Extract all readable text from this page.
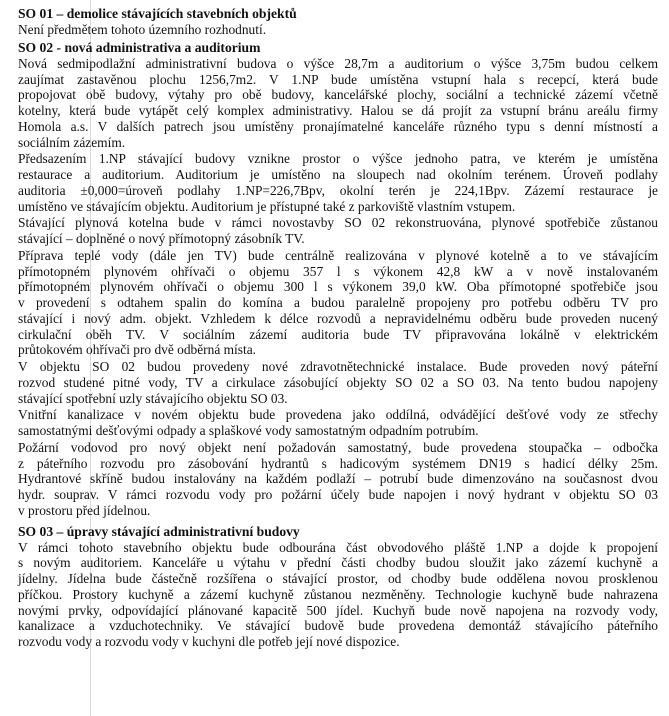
SO 01 – demolice stávajících stavebních objektů
Není předmětem tohoto územního rozhodnutí.
SO 02 - nová administrativa a auditorium
Nová sedmipodlažní administrativní budova o výšce 28,7m a auditorium o výšce 3,75m budou celkem
zaujímat zastavěnou plochu 1256,7m2. V 1.NP bude umístěna vstupní hala s recepcí, která bude
propojovat obě budovy, výtahy pro obě budovy, kancelářské plochy, sociální a technické zázemí včetně
kotelny, která bude vytápět celý komplex administrativy. Halou se dá projít za vstupní bránu areálu firmy
Homola a.s. V dalších patrech jsou umístěny pronajímatelné kanceláře různého typu s denní místností a
sociálním zázemím.
Předsazením 1.NP stávající budovy vznikne prostor o výšce jednoho patra, ve kterém je umístěna
restaurace a auditorium. Auditorium je umístěno na sloupech nad okolním terénem. Úroveň podlahy
auditoria ±0,000=úroveň podlahy 1.NP=226,7Bpv, okolní terén je 224,1Bpv. Zázemí restaurace je
umístěno ve stávajícím objektu. Auditorium je přístupné také z parkoviště vlastním vstupem.
Stávající plynová kotelna bude v rámci novostavby SO 02 rekonstruována, plynové spotřebiče zůstanou
stávající – doplněné o nový přímotopný zásobník TV.
Příprava teplé vody (dále jen TV) bude centrálně realizována v plynové kotelně a to ve stávajícím
přímotopném plynovém ohřívači o objemu 357 l s výkonem 42,8 kW a v nově instalovaném
přímotopném plynovém ohřívači o objemu 300 l s výkonem 39,0 kW. Oba přímotopné spotřebiče jsou
v provedení s odtahem spalin do komína a budou paralelně propojeny pro potřebu odběru TV pro
stávající i nový adm. objekt. Vzhledem k délce rozvodů a nepravidelnému odběru bude proveden nucený
cirkulační oběh TV. V sociálním zázemí auditoria bude TV připravována lokálně v elektrickém
průtokovém ohřívači pro dvě odběrná místa.
V objektu SO 02 budou provedeny nové zdravotnětechnické instalace. Bude proveden nový páteřní
rozvod studené pitné vody, TV a cirkulace zásobující objekty SO 02 a SO 03. Na tento budou napojeny
stávající spotřební uzly stávajícího objektu SO 03.
Vnitřní kanalizace v novém objektu bude provedena jako oddílná, odvádějící dešťové vody ze střechy
samostatnými dešťovými odpady a splaškové vody samostatným odpadním potrubím.
Požární vodovod pro nový objekt není požadován samostatný, bude provedena stoupačka – odbočka
z páteřního rozvodu pro zásobování hydrantů s hadicovým systémem DN19 s hadicí délky 25m.
Hydrantové skříně budou instalovány na každém podlaží – potrubí bude dimenzováno na současnost dvou
hydr. souprav. V rámci rozvodu vody pro požární účely bude napojen i nový hydrant v objektu SO 03
v prostoru před jídelnou.
SO 03 – úpravy stávající administrativní budovy
V rámci tohoto stavebního objektu bude odbourána část obvodového pláště 1.NP a dojde k propojení
s novým auditoriem. Kanceláře u výtahu v přední části chodby budou sloužit jako zázemí kuchyně a
jídelny. Jídelna bude částečně rozšířena o stávající prostor, od chodby bude oddělena novou prosklenou
příčkou. Prostory kuchyně a zázemí kuchyně zůstanou nezměněny. Technologie kuchyně bude nahrazena
novými prvky, odpovídající plánované kapacitě 500 jídel. Kuchyň bude nově napojena na rozvody vody,
kanalizace a vzduchotechniky. Ve stávající budově bude provedena demontáž stávajícího páteřního
rozvodu vody a rozvodu vody v kuchyni dle potřeb její nové dispozice.
